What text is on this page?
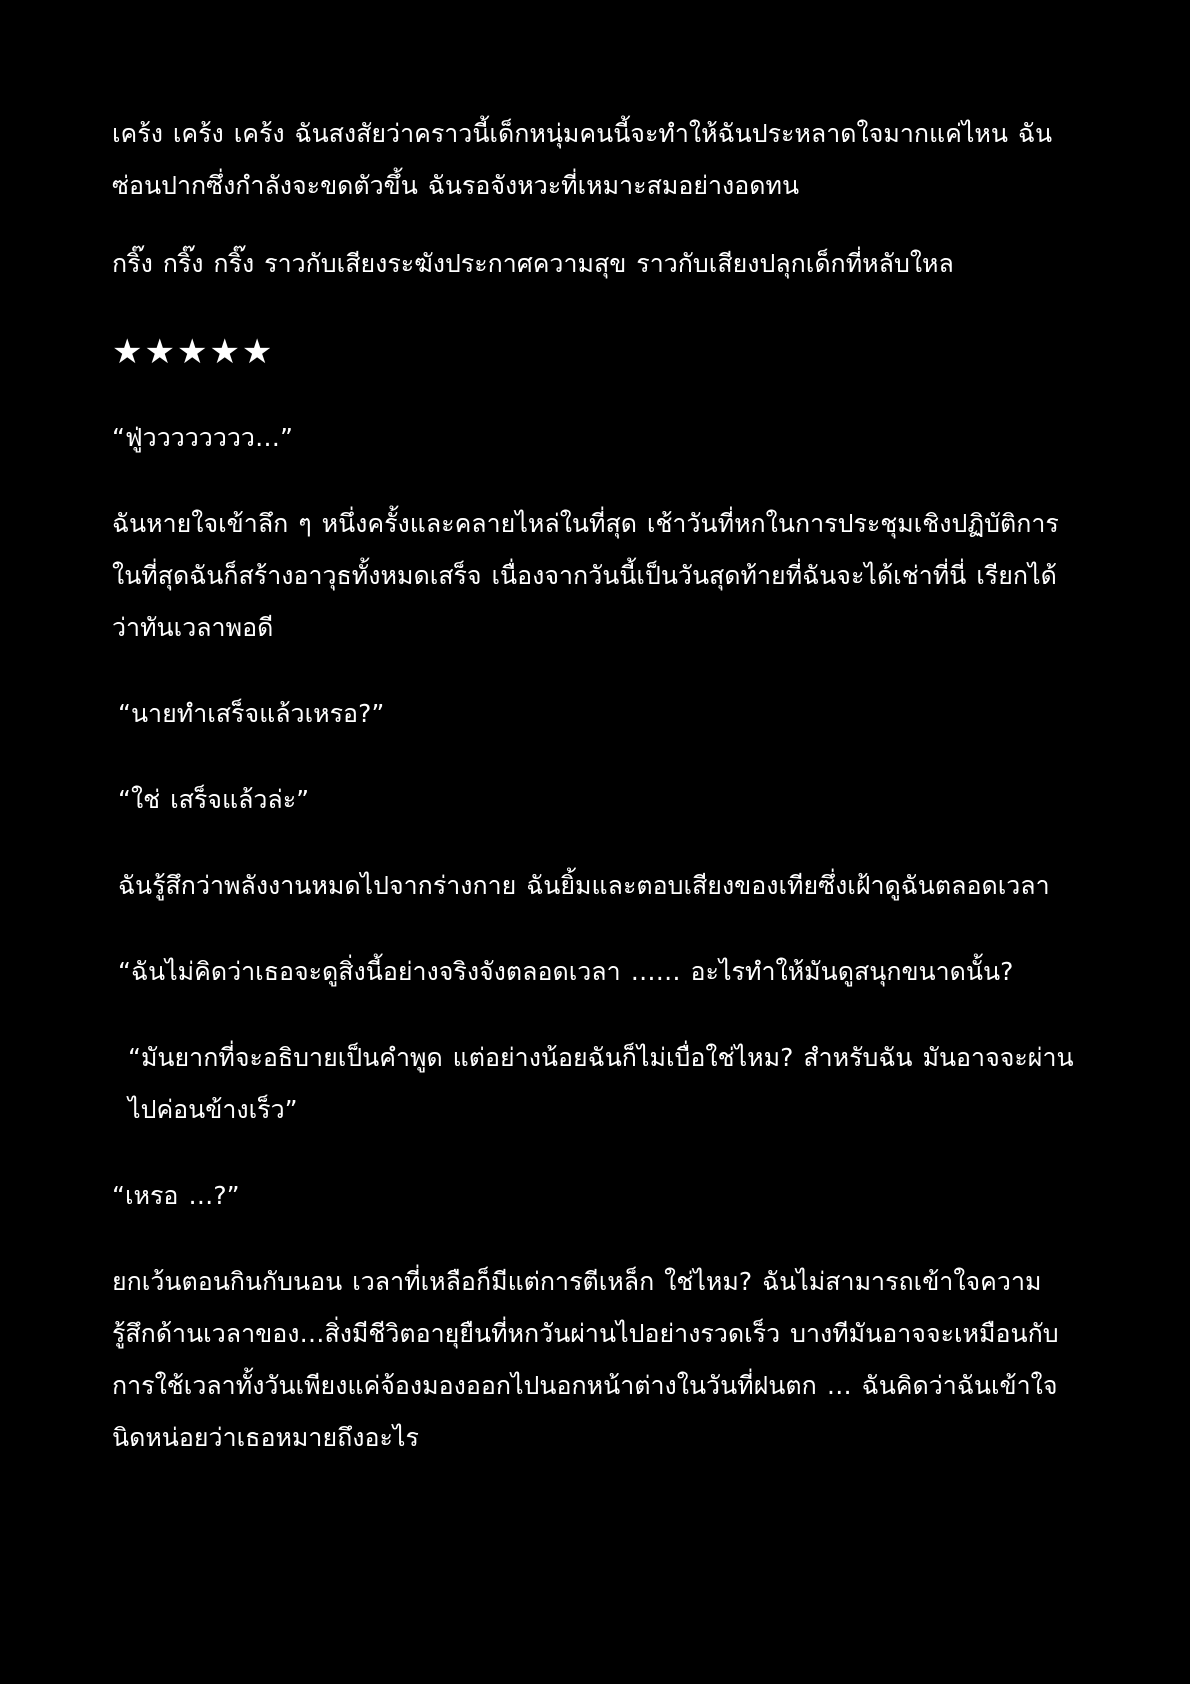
เคร้ง เคร้ง เคร้ง ฉันสงสัยว่าคราวนี้เด็กหนุ่มคนนี้จะทำให้ฉันประหลาดใจมากแค่ไหน ฉันซ่อนปากซึ่งกำลังจะขดตัวขึ้น ฉันรอจังหวะที่เหมาะสมอย่างอดทน

กริ๊ง กริ๊ง กริ๊ง ราวกับเสียงระฆังประกาศความสุข ราวกับเสียงปลุกเด็กที่หลับใหล

★★★★★

“ฟู่วววววววว…”

ฉันหายใจเข้าลึก ๆ หนึ่งครั้งและคลายไหล่ในที่สุด เช้าวันที่หกในการประชุมเชิงปฏิบัติการ ในที่สุดฉันก็สร้างอาวุธทั้งหมดเสร็จ เนื่องจากวันนี้เป็นวันสุดท้ายที่ฉันจะได้เช่าที่นี่ เรียกได้ว่าทันเวลาพอดี

“นายทำเสร็จแล้วเหรอ?”

“ใช่ เสร็จแล้วล่ะ”

ฉันรู้สึกว่าพลังงานหมดไปจากร่างกาย ฉันยิ้มและตอบเสียงของเทียซึ่งเฝ้าดูฉันตลอดเวลา

“ฉันไม่คิดว่าเธอจะดูสิ่งนี้อย่างจริงจังตลอดเวลา …… อะไรทำให้มันดูสนุกขนาดนั้น?

“มันยากที่จะอธิบายเป็นคำพูด แต่อย่างน้อยฉันก็ไม่เบื่อใช่ไหม? สำหรับฉัน มันอาจจะผ่านไปค่อนข้างเร็ว”

“เหรอ …?”

ยกเว้นตอนกินกับนอน เวลาที่เหลือก็มีแต่การตีเหล็ก ใช่ไหม? ฉันไม่สามารถเข้าใจความรู้สึกด้านเวลาของ…สิ่งมีชีวิตอายุยืนที่หกวันผ่านไปอย่างรวดเร็ว บางทีมันอาจจะเหมือนกับการใช้เวลาทั้งวันเพียงแค่จ้องมองออกไปนอกหน้าต่างในวันที่ฝนตก … ฉันคิดว่าฉันเข้าใจนิดหน่อยว่าเธอหมายถึงอะไร
